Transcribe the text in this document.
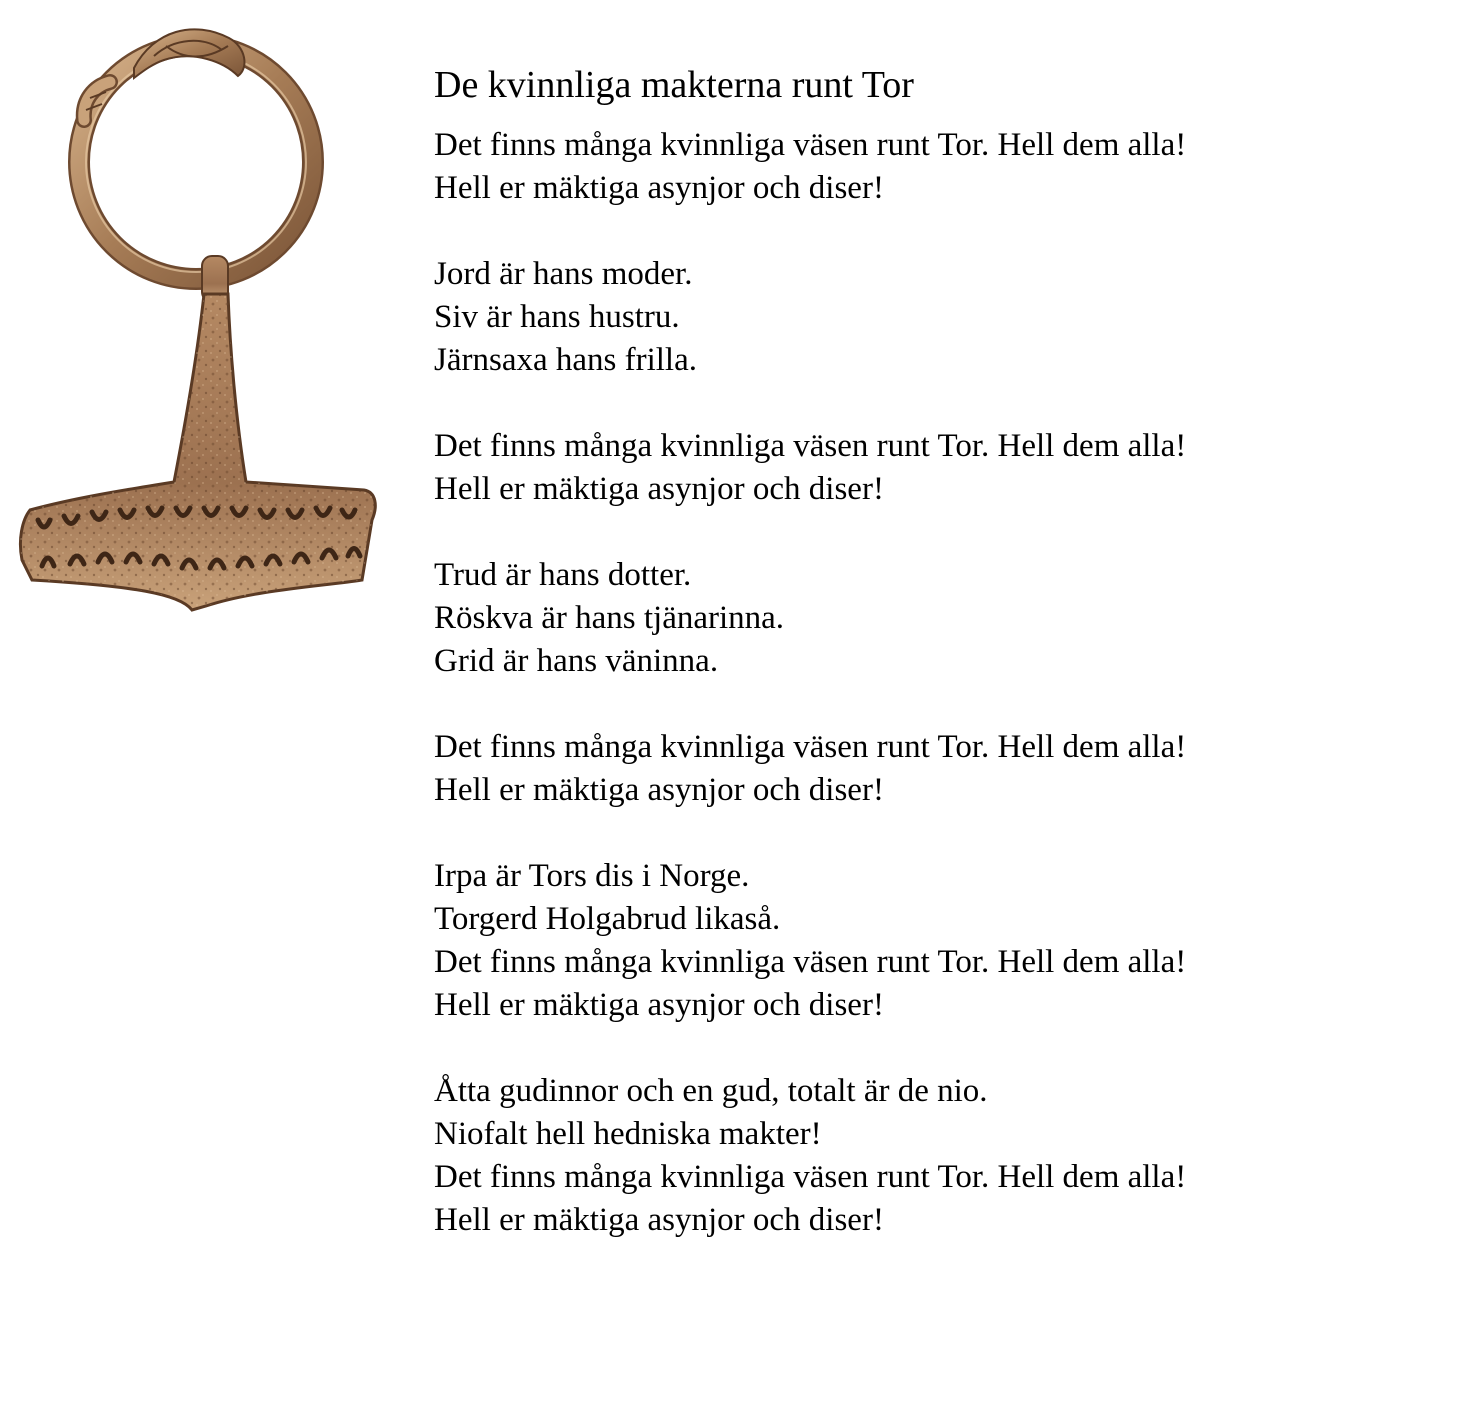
De kvinnliga makterna runt Tor
Det finns många kvinnliga väsen runt Tor. Hell dem alla!
Hell er mäktiga asynjor och diser!
Jord är hans moder.
Siv är hans hustru.
Järnsaxa hans frilla.
Det finns många kvinnliga väsen runt Tor. Hell dem alla!
Hell er mäktiga asynjor och diser!
Trud är hans dotter.
Röskva är hans tjänarinna.
Grid är hans väninna.
Det finns många kvinnliga väsen runt Tor. Hell dem alla!
Hell er mäktiga asynjor och diser!
Irpa är Tors dis i Norge.
Torgerd Holgabrud likaså.
Det finns många kvinnliga väsen runt Tor. Hell dem alla!
Hell er mäktiga asynjor och diser!
Åtta gudinnor och en gud, totalt är de nio.
Niofalt hell hedniska makter!
Det finns många kvinnliga väsen runt Tor. Hell dem alla!
Hell er mäktiga asynjor och diser!
